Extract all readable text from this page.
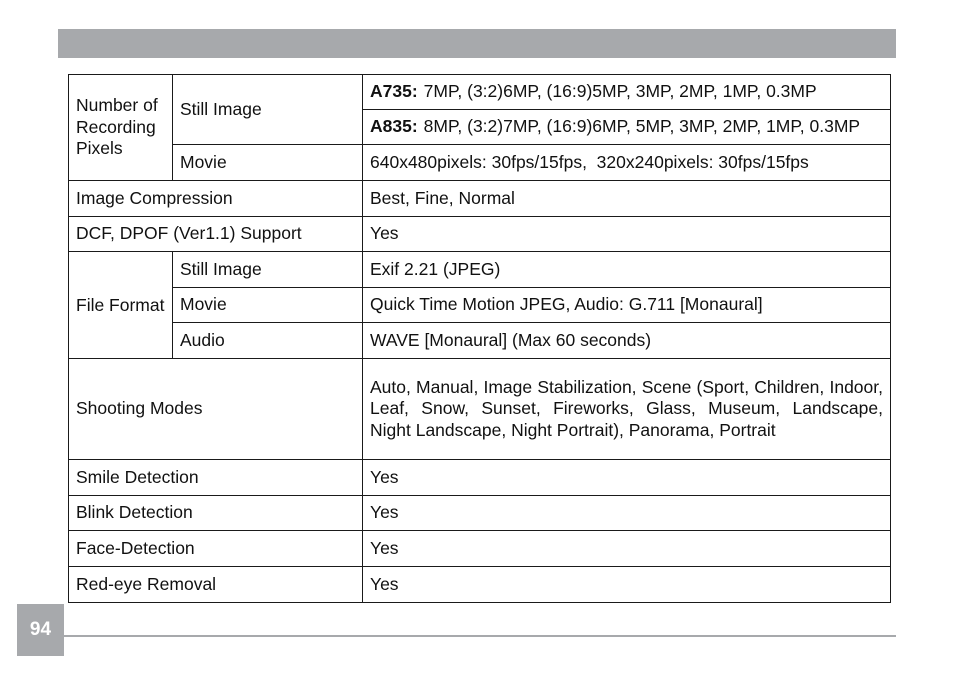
Number of Recording Pixels	Still Image	A735: 7MP, (3:2)6MP, (16:9)5MP, 3MP, 2MP, 1MP, 0.3MP
		A835: 8MP, (3:2)7MP, (16:9)6MP, 5MP, 3MP, 2MP, 1MP, 0.3MP
	Movie	640x480pixels: 30fps/15fps,  320x240pixels: 30fps/15fps
Image Compression		Best, Fine, Normal
DCF, DPOF (Ver1.1) Support		Yes
File Format	Still Image	Exif 2.21 (JPEG)
	Movie	Quick Time Motion JPEG, Audio: G.711 [Monaural]
	Audio	WAVE [Monaural] (Max 60 seconds)
Shooting Modes		Auto, Manual, Image Stabilization, Scene (Sport, Children, Indoor, Leaf, Snow, Sunset, Fireworks, Glass, Museum, Landscape, Night Landscape, Night Portrait), Panorama, Portrait
Smile Detection		Yes
Blink Detection		Yes
Face-Detection		Yes
Red-eye Removal		Yes
94
